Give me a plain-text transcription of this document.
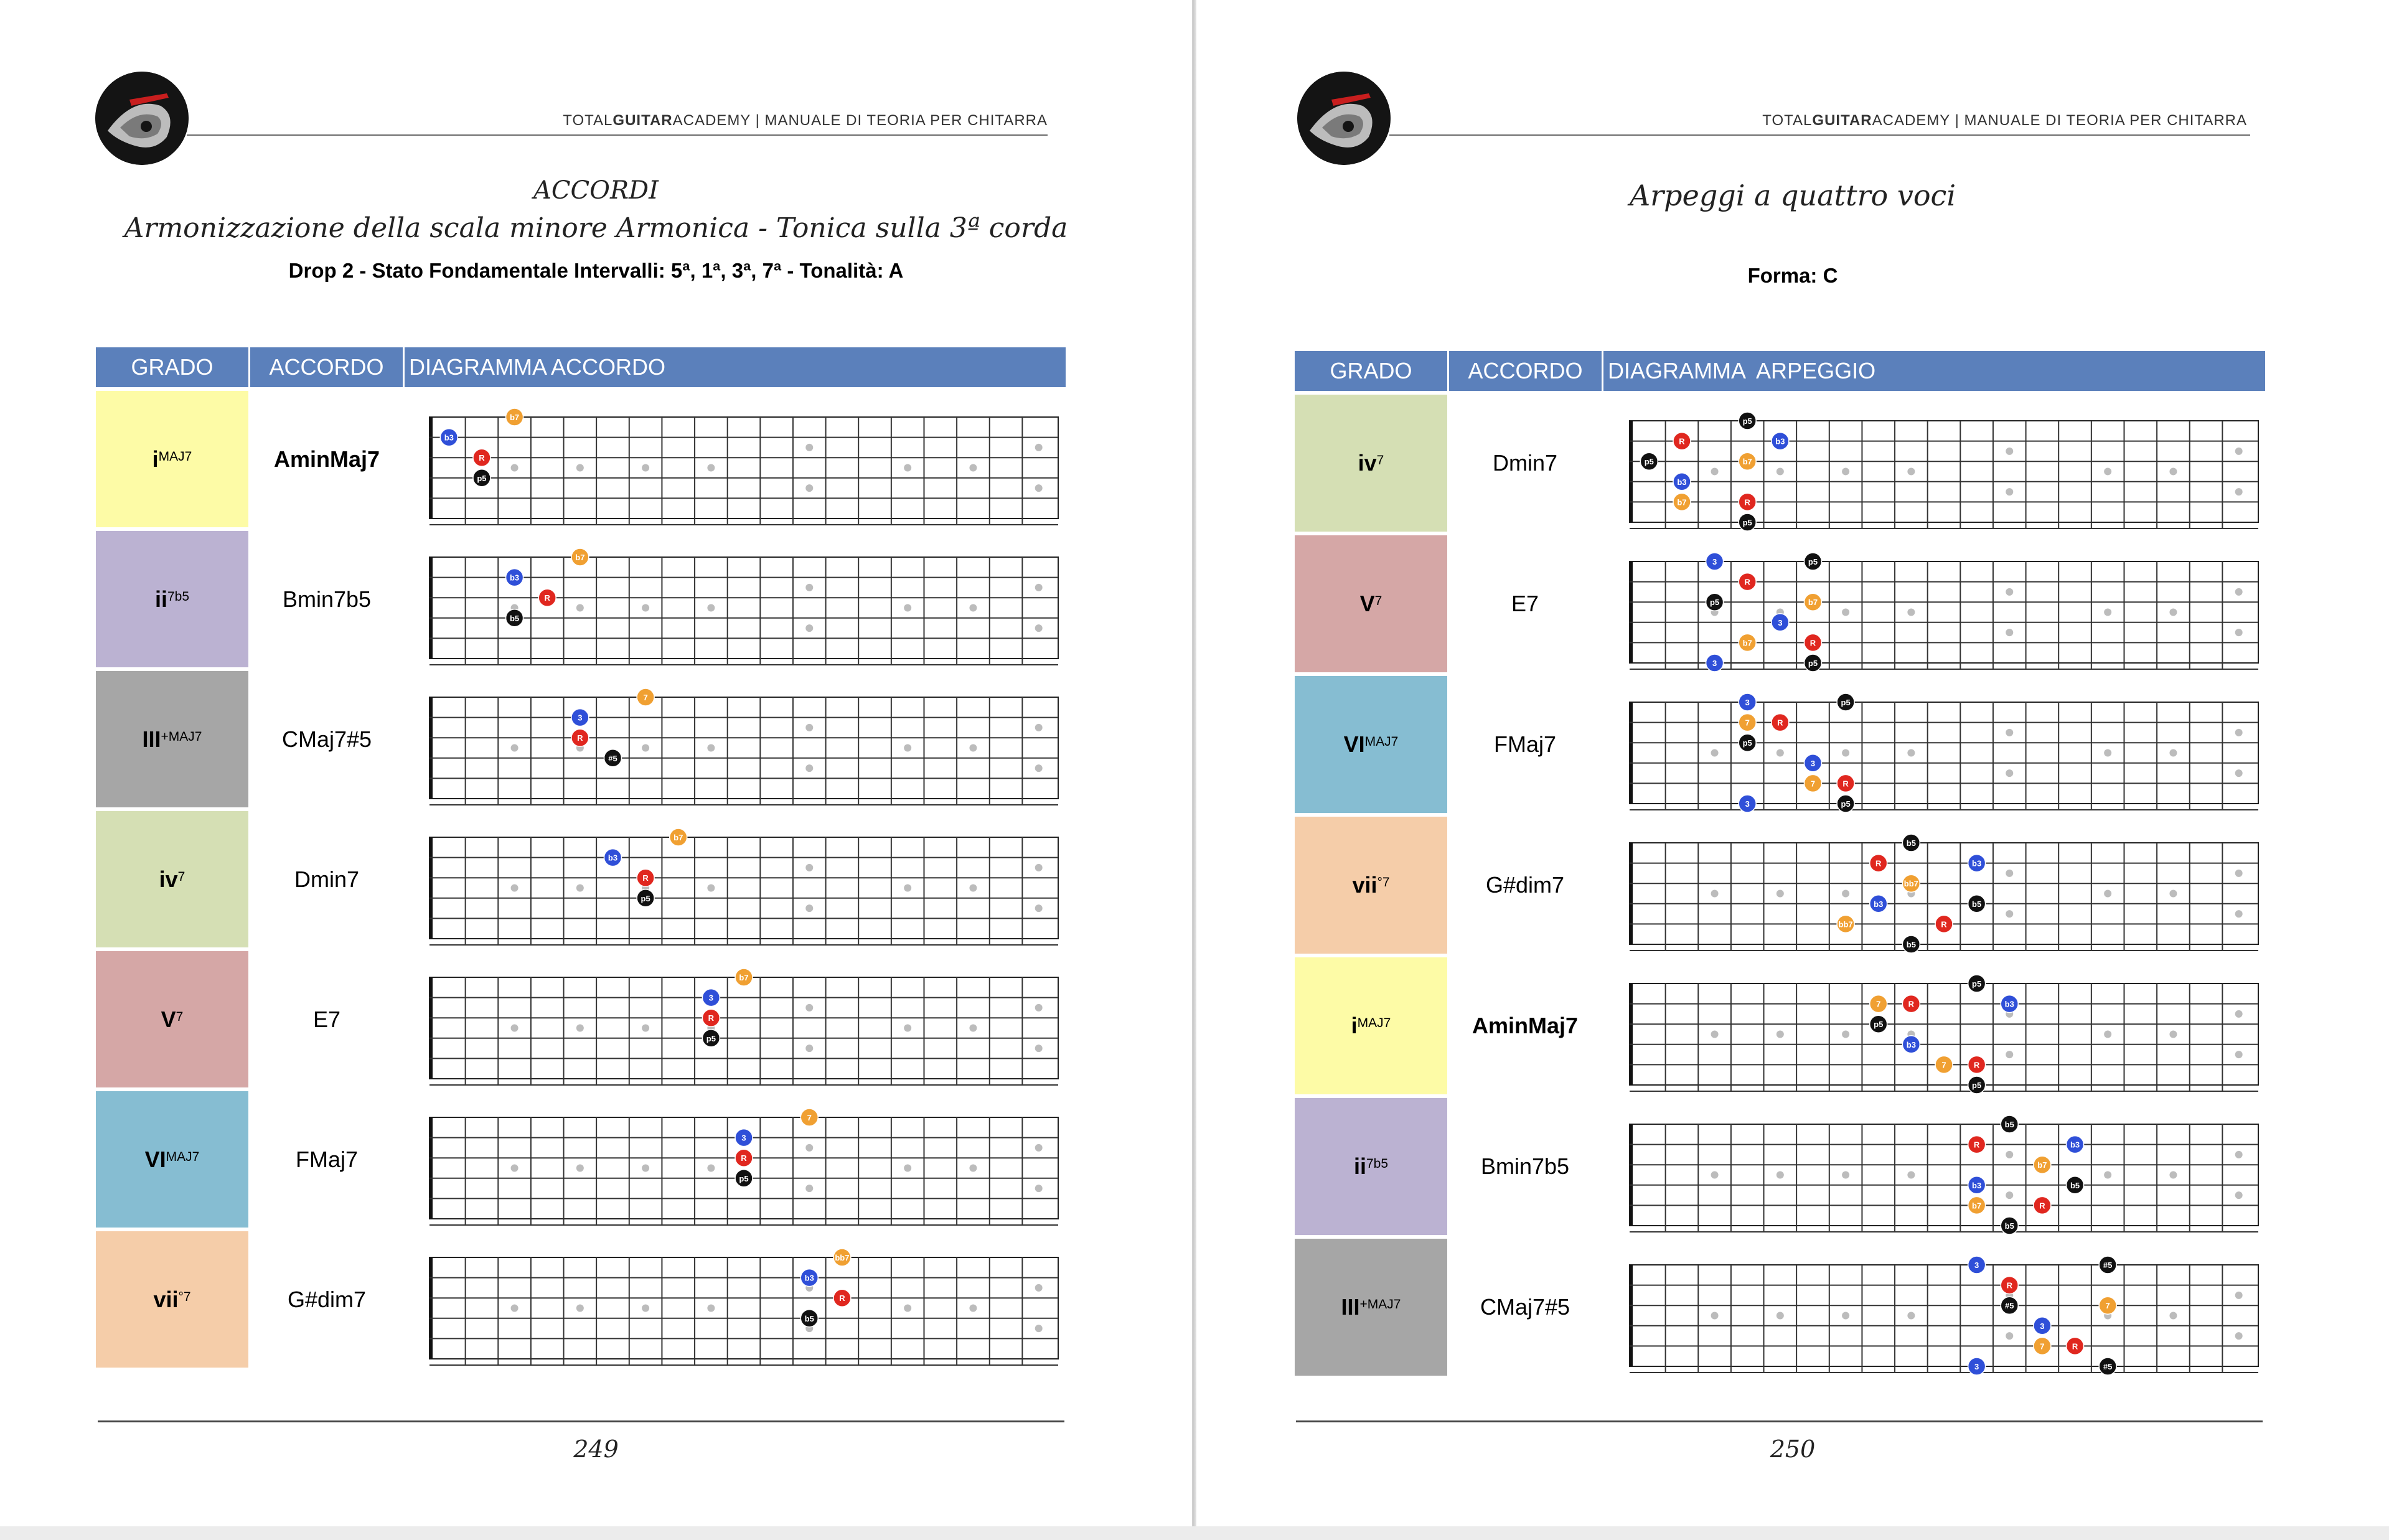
TOTALGUITARACADEMY | MANUALE DI TEORIA PER CHITARRA
ACCORDI
Armonizzazione della scala minore Armonica - Tonica sulla 3ª corda
Drop 2 - Stato Fondamentale Intervalli: 5ª, 1ª, 3ª, 7ª - Tonalità: A
GRADO	ACCORDO	DIAGRAMMA ACCORDO
$i^{MAJ7}$	AminMaj7
b3
R
p5
b7
$ii^{7b5}$	Bmin7b5
b3
R
b5
b7
$III^{+MAJ7}$	CMaj7#5
3
R
#5
7
$iv^7$	Dmin7
b3
R
p5
b7
$V^7$	E7
3
R
p5
b7
$VI^{MAJ7}$	FMaj7
3
R
p5
7
vii$^{^\circ 7}$	G#dim7
b3
R
b5
bb7
249
TOTALGUITARACADEMY | MANUALE DI TEORIA PER CHITARRA
Arpeggi a quattro voci
Forma: C
GRADO	ACCORDO	DIAGRAMMA  ARPEGGIO
$iv^7$	Dmin7
p5
b3
R
p5	b7
b3
b7	R
p5
$V^7$	E7
3	p5
R
p5	b7
3
b7	R
3	p5
$VI^{MAJ7}$	FMaj7
3	p5
7	R
p5
3
7	R
3	p5
vii$^{^\circ 7}$	G#dim7
b5
R	b3
bb7
b3	b5
bb7	R
b5
$i^{MAJ7}$	AminMaj7
p5
7	R	b3
p5
b3
7	R
p5
$ii^{7b5}$	Bmin7b5
b5
R	b3
b7
b3	b5
b7	R
b5
$III^{+MAJ7}$	CMaj7#5
3	#5
R
#5	7
3
7	R
3	#5
250
